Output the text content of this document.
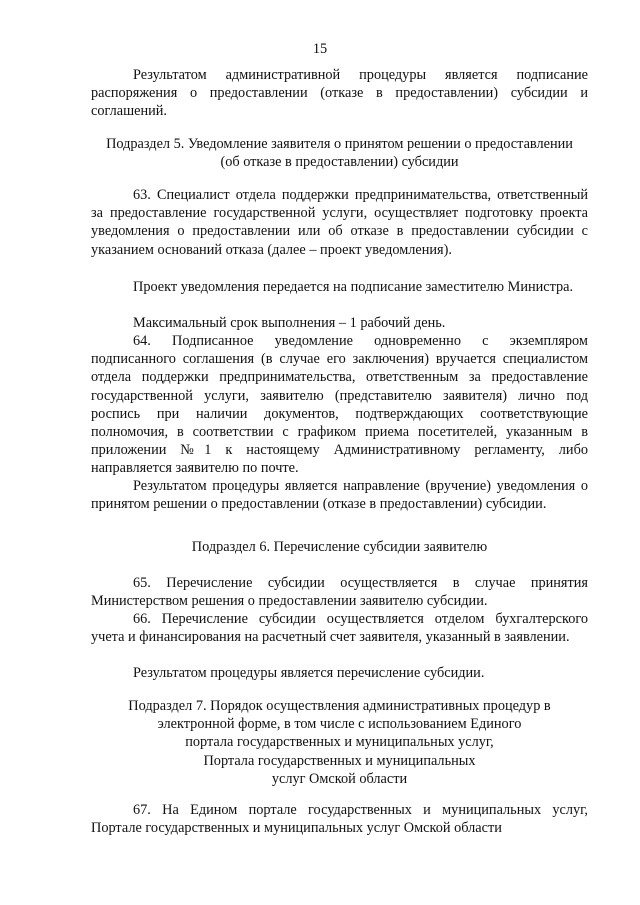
15

Результатом административной процедуры является подписание распоряжения о предоставлении (отказе в предоставлении) субсидии и соглашений.

Подраздел 5. Уведомление заявителя о принятом решении о предоставлении

(об отказе в предоставлении) субсидии

63. Специалист отдела поддержки предпринимательства, ответственный за предоставление государственной услуги, осуществляет подготовку проекта уведомления о предоставлении или об отказе в предоставлении субсидии с указанием оснований отказа (далее – проект уведомления).

Проект уведомления передается на подписание заместителю Министра.

Максимальный срок выполнения – 1 рабочий день.

64. Подписанное уведомление одновременно с экземпляром подписанного соглашения (в случае его заключения) вручается специалистом отдела поддержки предпринимательства, ответственным за предоставление государственной услуги, заявителю (представителю заявителя) лично под роспись при наличии документов, подтверждающих соответствующие полномочия, в соответствии с графиком приема посетителей, указанным в приложении №1 к настоящему Административному регламенту, либо направляется заявителю по почте.

Результатом процедуры является направление (вручение) уведомления о принятом решении о предоставлении (отказе в предоставлении) субсидии.

Подраздел 6. Перечисление субсидии заявителю

65. Перечисление субсидии осуществляется в случае принятия Министерством решения о предоставлении заявителю субсидии.

66. Перечисление субсидии осуществляется отделом бухгалтерского учета и финансирования на расчетный счет заявителя, указанный в заявлении.

Результатом процедуры является перечисление субсидии.

Подраздел 7. Порядок осуществления административных процедур в

электронной форме, в том числе с использованием Единого

портала государственных и муниципальных услуг,

Портала государственных и муниципальных

услуг Омской области

67. На Едином портале государственных и муниципальных услуг, Портале государственных и муниципальных услуг Омской области
